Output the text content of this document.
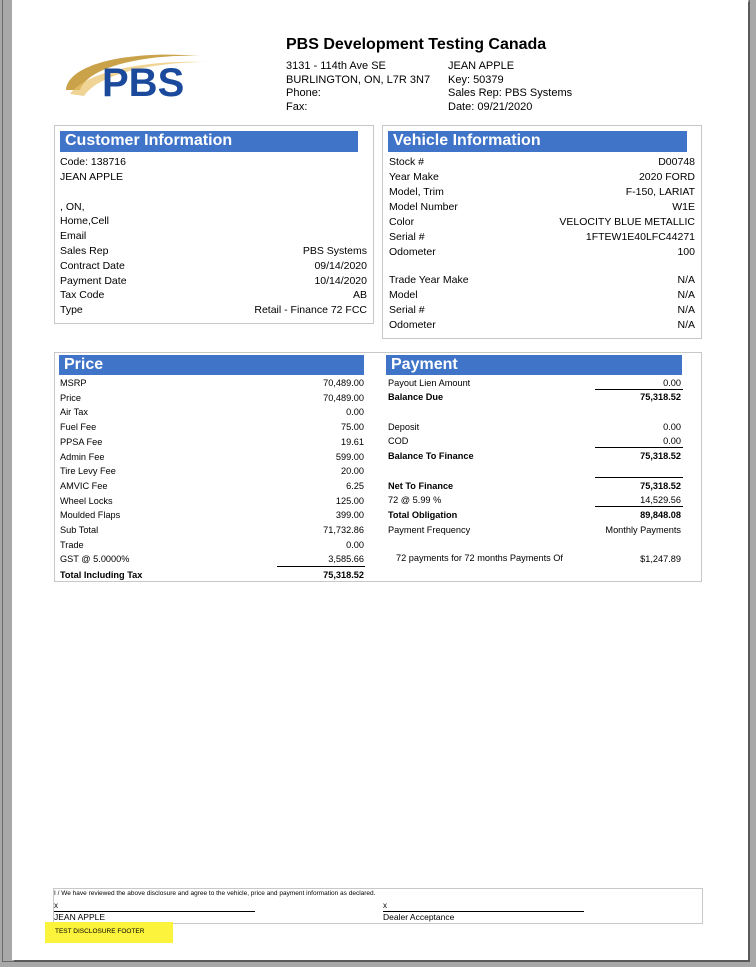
PBS
PBS Development Testing Canada
3131 - 114th Ave SE
BURLINGTON, ON, L7R 3N7
Phone:
Fax:
JEAN APPLE
Key: 50379
Sales Rep: PBS Systems
Date: 09/21/2020
Customer Information
Code: 138716
JEAN APPLE
, ON,
Home,Cell
Email
Vehicle Information
Price	Payment
Total Including Tax	75,318.52
Payout Lien Amount	0.00
Balance Due	75,318.52
Deposit	0.00
COD	0.00
Balance To Finance	75,318.52
Net To Finance	75,318.52
72 @ 5.99 %	14,529.56
Total Obligation	89,848.08
Payment Frequency	Monthly Payments
72 payments for 72 months Payments Of	$1,247.89
I / We have reviewed the above disclosure and agree to the vehicle, price and payment information as declared.
x
JEAN APPLE
x
Dealer Acceptance
TEST DISCLOSURE FOOTER
Sales Rep	PBS Systems
Contract Date	09/14/2020
Payment Date	10/14/2020
Tax Code	AB
Type	Retail - Finance 72 FCC
Stock #	D00748
Year Make	2020 FORD
Model, Trim	F-150, LARIAT
Model Number	W1E
Color	VELOCITY BLUE METALLIC
Serial #	1FTEW1E40LFC44271
Odometer	100
Trade Year Make	N/A
Model	N/A
Serial #	N/A
Odometer	N/A
MSRP	70,489.00
Price	70,489.00
Air Tax	0.00
Fuel Fee	75.00
PPSA Fee	19.61
Admin Fee	599.00
Tire Levy Fee	20.00
AMVIC Fee	6.25
Wheel Locks	125.00
Moulded Flaps	399.00
Sub Total	71,732.86
Trade	0.00
GST @ 5.0000%	3,585.66
